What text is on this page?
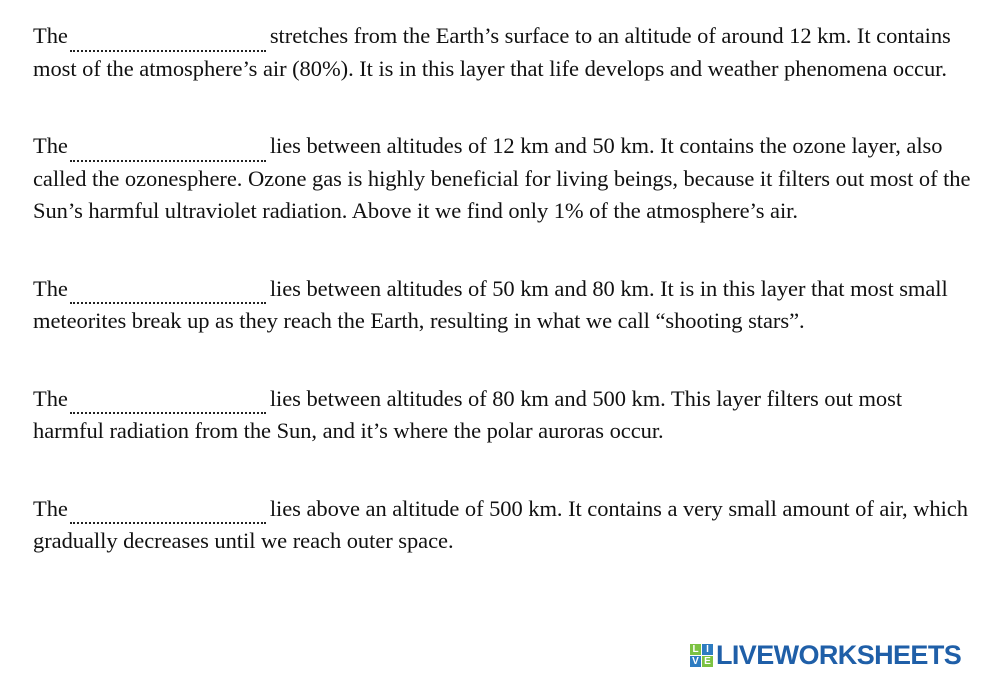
The	stretches from the Earth’s surface to an altitude of around 12 km. It contains most of the atmosphere’s air (80%). It is in this layer that life develops and weather phenomena occur.

The	lies between altitudes of 12 km and 50 km. It contains the ozone layer, also called the ozonesphere. Ozone gas is highly beneficial for living beings, because it filters out most of the Sun’s harmful ultraviolet radiation. Above it we find only 1% of the atmosphere’s air.

The	lies between altitudes of 50 km and 80 km. It is in this layer that most small meteorites break up as they reach the Earth, resulting in what we call “shooting stars”.

The	lies between altitudes of 80 km and 500 km. This layer filters out most harmful radiation from the Sun, and it’s where the polar auroras occur.

The	lies above an altitude of 500 km. It contains a very small amount of air, which gradually decreases until we reach outer space.

L I
V E LIVEWORKSHEETS
